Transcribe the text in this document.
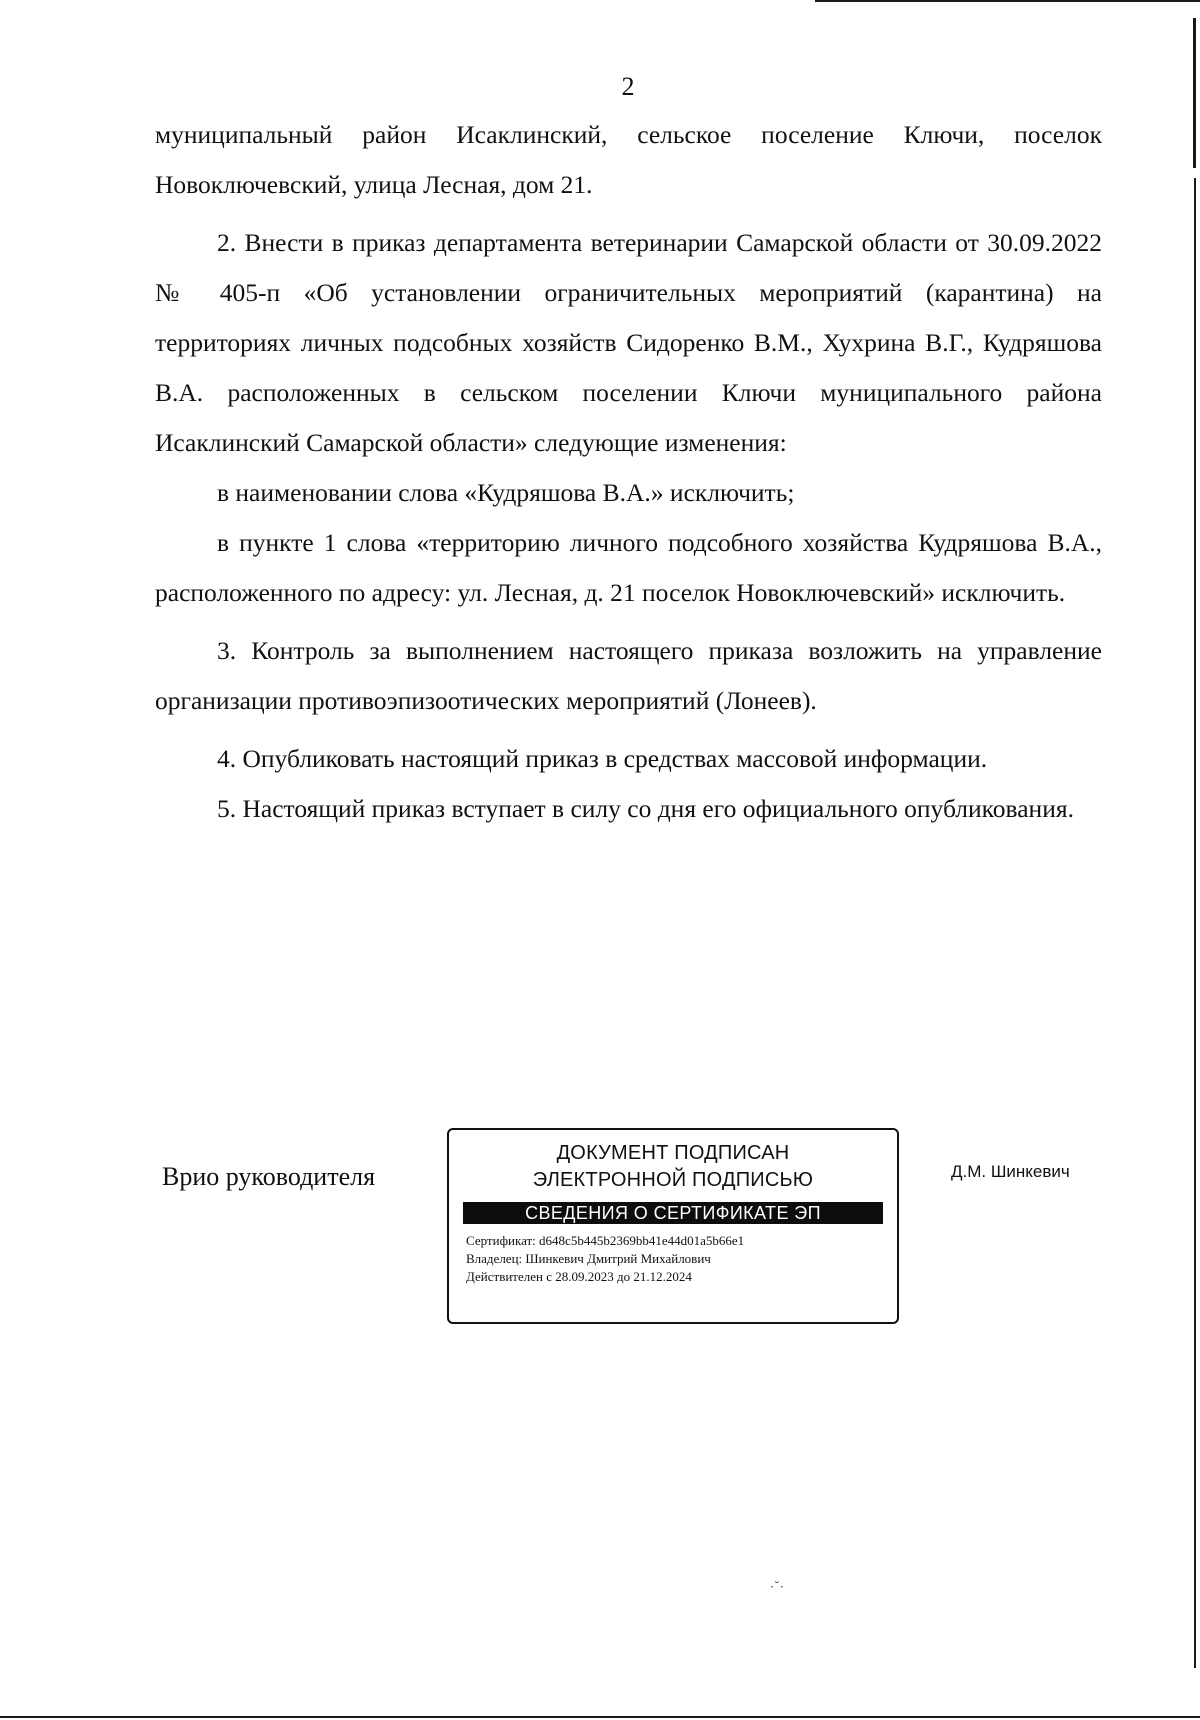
2

муниципальный район Исаклинский, сельское поселение Ключи, поселок Новоключевский, улица Лесная, дом 21.

2. Внести в приказ департамента ветеринарии Самарской области от 30.09.2022 № 405-п «Об установлении ограничительных мероприятий (карантина) на территориях личных подсобных хозяйств Сидоренко В.М., Хухрина В.Г., Кудряшова В.А. расположенных в сельском поселении Ключи муниципального района Исаклинский Самарской области» следующие изменения:

в наименовании слова «Кудряшова В.А.» исключить;

в пункте 1 слова «территорию личного подсобного хозяйства Кудряшова В.А., расположенного по адресу: ул. Лесная, д. 21 поселок Новоключевский» исключить.

3. Контроль за выполнением настоящего приказа возложить на управление организации противоэпизоотических мероприятий (Лонеев).

4. Опубликовать настоящий приказ в средствах массовой информации.

5. Настоящий приказ вступает в силу со дня его официального опубликования.

Врио руководителя
ДОКУМЕНТ ПОДПИСАН
ЭЛЕКТРОННОЙ ПОДПИСЬЮ
СВЕДЕНИЯ О СЕРТИФИКАТЕ ЭП
Сертификат: d648c5b445b2369bb41e44d01a5b66e1
Владелец: Шинкевич Дмитрий Михайлович
Действителен с 28.09.2023 до 21.12.2024
Д.М. Шинкевич
·˘·
